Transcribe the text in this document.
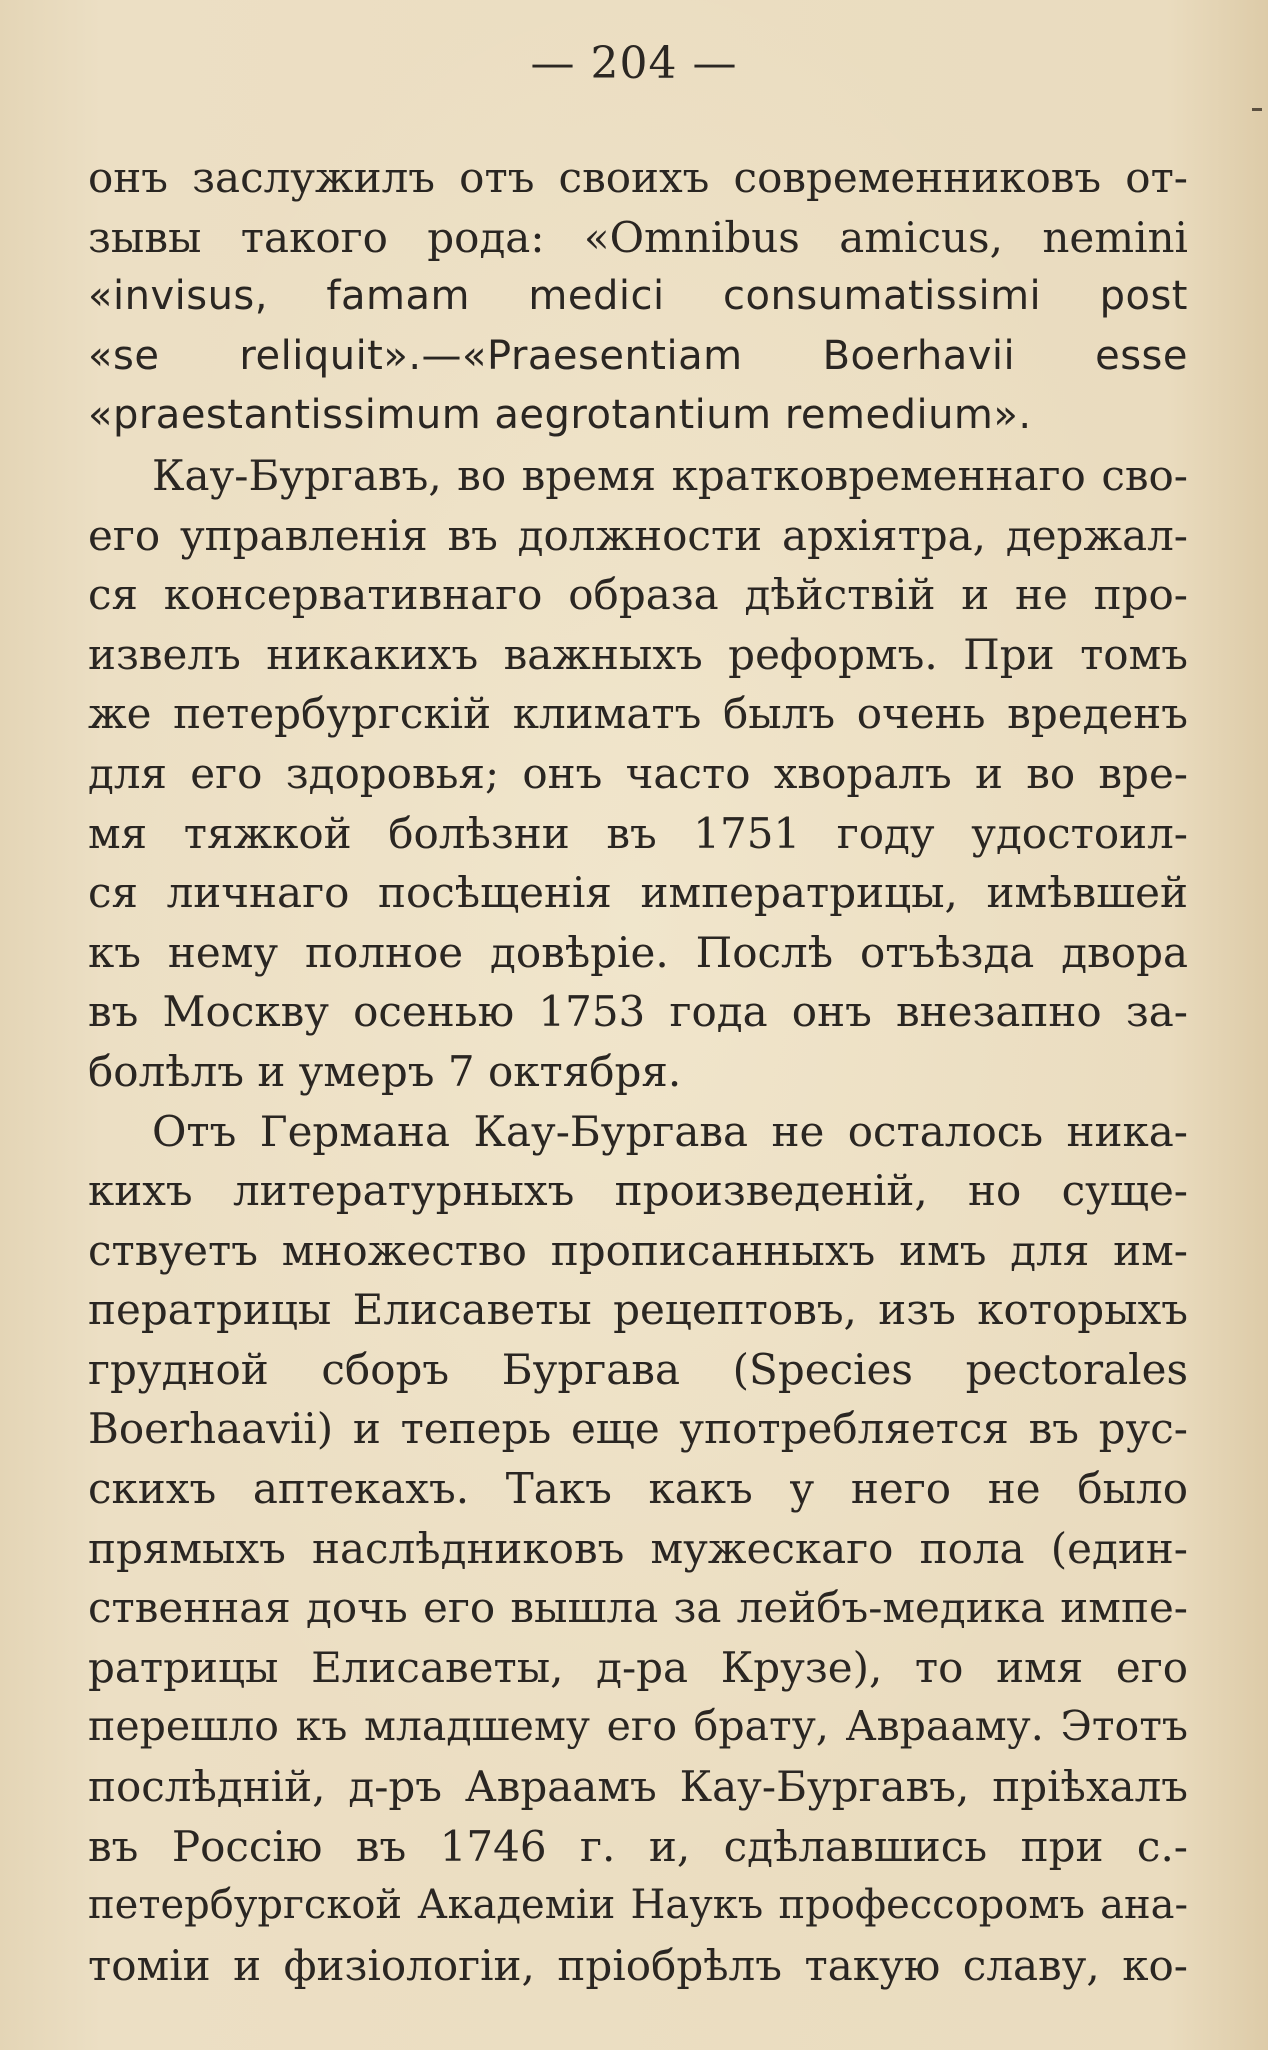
— 204 —
онъ заслужилъ отъ своихъ современниковъ от-
зывы такого рода: «Omnibus amicus, nemini
«invisus, famam medici consumatissimi post
«se reliquit».—«Praesentiam Boerhavii esse
«praestantissimum aegrotantium remedium».
Кау-Бургавъ, во время кратковременнаго сво-
его управленія въ должности архіятра, держал-
ся консервативнаго образа дѣйствій и не про-
извелъ никакихъ важныхъ реформъ. При томъ
же петербургскій климатъ былъ очень вреденъ
для его здоровья; онъ часто хворалъ и во вре-
мя тяжкой болѣзни въ 1751 году удостоил-
ся личнаго посѣщенія императрицы, имѣвшей
къ нему полное довѣріе. Послѣ отъѣзда двора
въ Москву осенью 1753 года онъ внезапно за-
болѣлъ и умеръ 7 октября.
Отъ Германа Кау-Бургава не осталось ника-
кихъ литературныхъ произведеній, но суще-
ствуетъ множество прописанныхъ имъ для им-
ператрицы Елисаветы рецептовъ, изъ которыхъ
грудной сборъ Бургава (Species pectorales
Boerhaavii) и теперь еще употребляется въ рус-
скихъ аптекахъ. Такъ какъ у него не было
прямыхъ наслѣдниковъ мужескаго пола (един-
ственная дочь его вышла за лейбъ-медика импе-
ратрицы Елисаветы, д-ра Крузе), то имя его
перешло къ младшему его брату, Аврааму. Этотъ
послѣдній, д-ръ Авраамъ Кау-Бургавъ, пріѣхалъ
въ Россію въ 1746 г. и, сдѣлавшись при с.-
петербургской Академіи Наукъ профессоромъ ана-
томіи и физіологіи, пріобрѣлъ такую славу, ко-
